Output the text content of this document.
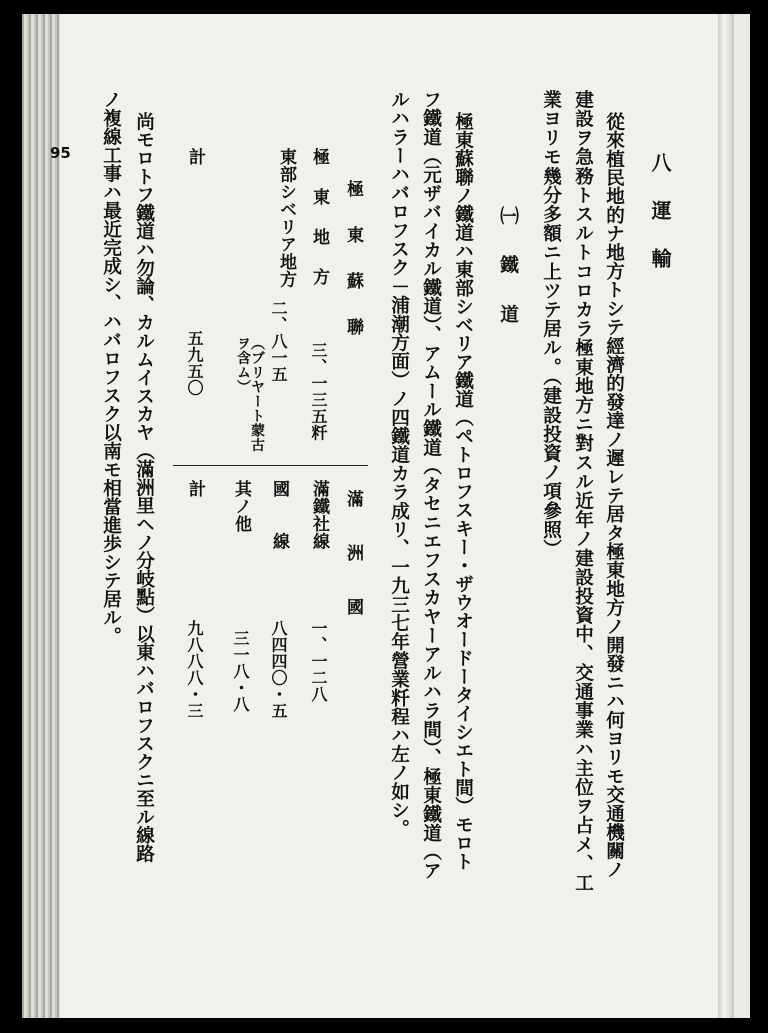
95	八　運　輸
從來植民地的ナ地方トシテ經濟的發達ノ遲レテ居タ極東地方ノ開發ニハ何ヨリモ交通機關ノ
建設ヲ急務トスルトコロカラ極東地方ニ對スル近年ノ建設投資中、交通事業ハ主位ヲ占メ、工
業ヨリモ幾分多額ニ上ツテ居ル。（建設投資ノ項參照）
㈠　鐵　道
極東蘇聯ノ鐵道ハ東部シベリア鐵道（ペトロフスキー・ザウオードータイシエト間）モロト
フ鐵道（元ザバイカル鐵道）、アムール鐵道（タセニエフスカヤーアルハラ間）、極東鐵道（ア
ルハラーハバロフスク－浦潮方面）ノ四鐵道カラ成リ、一九三七年營業粁程ハ左ノ如シ。
極　東　蘇　聯
滿　洲　國
極　東　地　方
三、一三五粁
東部シベリア地方
二、八一五
（ブリヤート蒙古ヲ含ム）
計
五九五〇
滿鐵社線
一、一二八
國　　線
八四四〇・五
其ノ他
三一八・八
計
九八八八・三
尚モロトフ鐵道ハ勿論、カルムイスカヤ（滿洲里ヘノ分岐點）以東ハバロフスクニ至ル線路
ノ複線工事ハ最近完成シ、ハバロフスク以南モ相當進歩シテ居ル。
